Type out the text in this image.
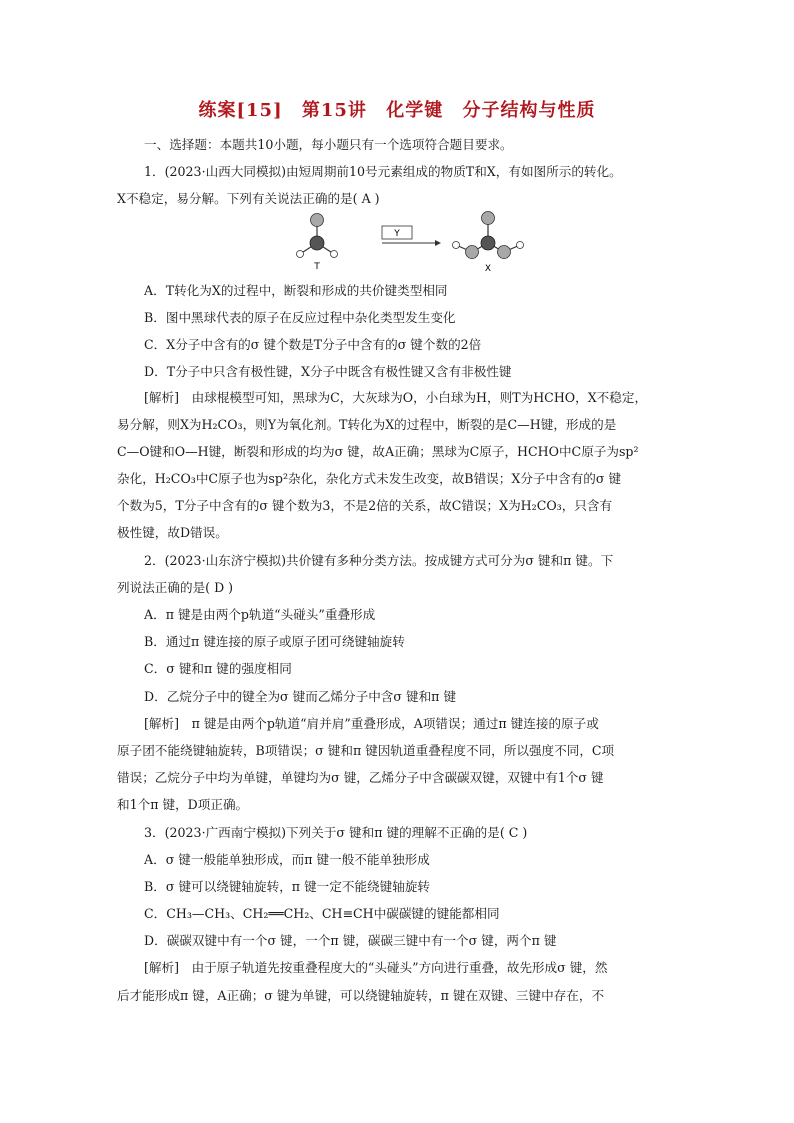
练案[15] 第15讲 化学键 分子结构与性质
一、选择题：本题共10小题，每小题只有一个选项符合题目要求。
1．(2023·山西大同模拟)由短周期前10号元素组成的物质T和X，有如图所示的转化。
X不稳定，易分解。下列有关说法正确的是( A )
T
Y
X
A．T转化为X的过程中，断裂和形成的共价键类型相同
B．图中黑球代表的原子在反应过程中杂化类型发生变化
C．X分子中含有的σ 键个数是T分子中含有的σ 键个数的2倍
D．T分子中只含有极性键，X分子中既含有极性键又含有非极性键
[解析]　由球棍模型可知，黑球为C，大灰球为O，小白球为H，则T为HCHO，X不稳定，
易分解，则X为H₂CO₃，则Y为氧化剂。T转化为X的过程中，断裂的是C—H键，形成的是
C—O键和O—H键，断裂和形成的均为σ 键，故A正确；黑球为C原子，HCHO中C原子为sp²
杂化，H₂CO₃中C原子也为sp²杂化，杂化方式未发生改变，故B错误；X分子中含有的σ 键
个数为5，T分子中含有的σ 键个数为3，不是2倍的关系，故C错误；X为H₂CO₃，只含有
极性键，故D错误。
2．(2023·山东济宁模拟)共价键有多种分类方法。按成键方式可分为σ 键和π 键。下
列说法正确的是( D )
A．π 键是由两个p轨道“头碰头”重叠形成
B．通过π 键连接的原子或原子团可绕键轴旋转
C．σ 键和π 键的强度相同
D．乙烷分子中的键全为σ 键而乙烯分子中含σ 键和π 键
[解析]　π 键是由两个p轨道“肩并肩”重叠形成，A项错误；通过π 键连接的原子或
原子团不能绕键轴旋转，B项错误；σ 键和π 键因轨道重叠程度不同，所以强度不同，C项
错误；乙烷分子中均为单键，单键均为σ 键，乙烯分子中含碳碳双键，双键中有1个σ 键
和1个π 键，D项正确。
3．(2023·广西南宁模拟)下列关于σ 键和π 键的理解不正确的是( C )
A．σ 键一般能单独形成，而π 键一般不能单独形成
B．σ 键可以绕键轴旋转，π 键一定不能绕键轴旋转
C．CH₃—CH₃、CH₂══CH₂、CH≡CH中碳碳键的键能都相同
D．碳碳双键中有一个σ 键，一个π 键，碳碳三键中有一个σ 键，两个π 键
[解析]　由于原子轨道先按重叠程度大的“头碰头”方向进行重叠，故先形成σ 键，然
后才能形成π 键，A正确；σ 键为单键，可以绕键轴旋转，π 键在双键、三键中存在，不
